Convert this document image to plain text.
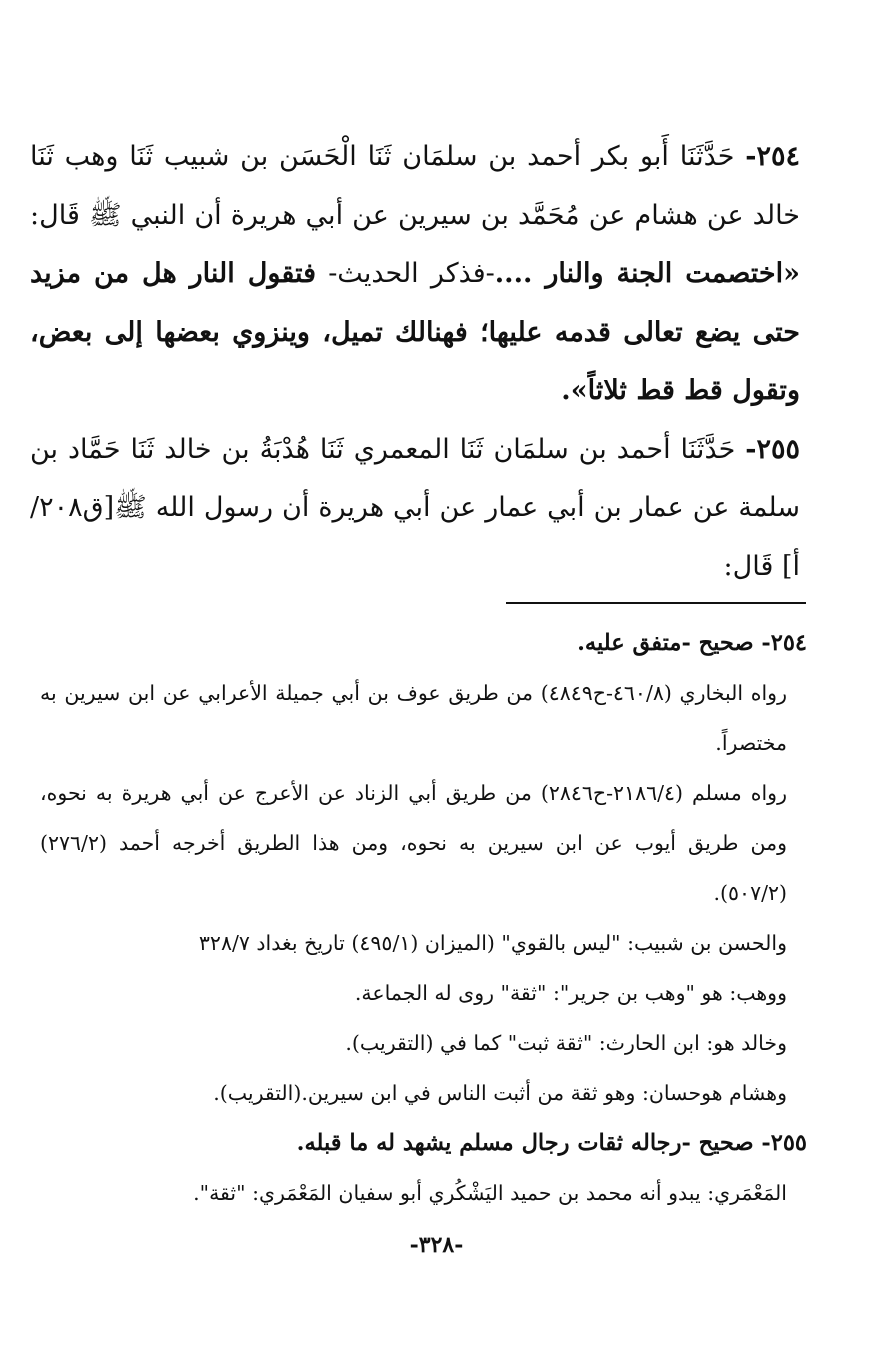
٢٥٤- حَدَّثَنَا أَبو بكر أحمد بن سلمَان ثَنَا الْحَسَن بن شبيب ثَنَا وهب ثَنَا خالد عن هشام عن مُحَمَّد بن سيرين عن أبي هريرة أن النبي ﷺ قَال: «اختصمت الجنة والنار ....-فذكر الحديث- فتقول النار هل من مزيد حتى يضع تعالى قدمه عليها؛ فهنالك تميل، وينزوي بعضها إلى بعض، وتقول قط قط ثلاثاً».

٢٥٥- حَدَّثَنَا أحمد بن سلمَان ثَنَا المعمري ثَنَا هُدْبَةُ بن خالد ثَنَا حَمَّاد بن سلمة عن عمار بن أبي عمار عن أبي هريرة أن رسول الله ﷺ[ق٢٠٨/أ] قَال:

٢٥٤- صحيح -متفق عليه.

رواه البخاري (٤٦٠/٨-ح٤٨٤٩) من طريق عوف بن أبي جميلة الأعرابي عن ابن سيرين به مختصراً.

رواه مسلم (٢١٨٦/٤-ح٢٨٤٦) من طريق أبي الزناد عن الأعرج عن أبي هريرة به نحوه، ومن طريق أيوب عن ابن سيرين به نحوه، ومن هذا الطريق أخرجه أحمد (٢٧٦/٢) (٥٠٧/٢).

والحسن بن شبيب: "ليس بالقوي" (الميزان (٤٩٥/١) تاريخ بغداد ٣٢٨/٧

ووهب: هو "وهب بن جرير": "ثقة" روى له الجماعة.

وخالد هو: ابن الحارث: "ثقة ثبت" كما في (التقريب).

وهشام هوحسان: وهو ثقة من أثبت الناس في ابن سيرين.(التقريب).

٢٥٥- صحيح -رجاله ثقات رجال مسلم يشهد له ما قبله.

المَعْمَري: يبدو أنه محمد بن حميد اليَشْكُري أبو سفيان المَعْمَري: "ثقة".

-٣٢٨-
